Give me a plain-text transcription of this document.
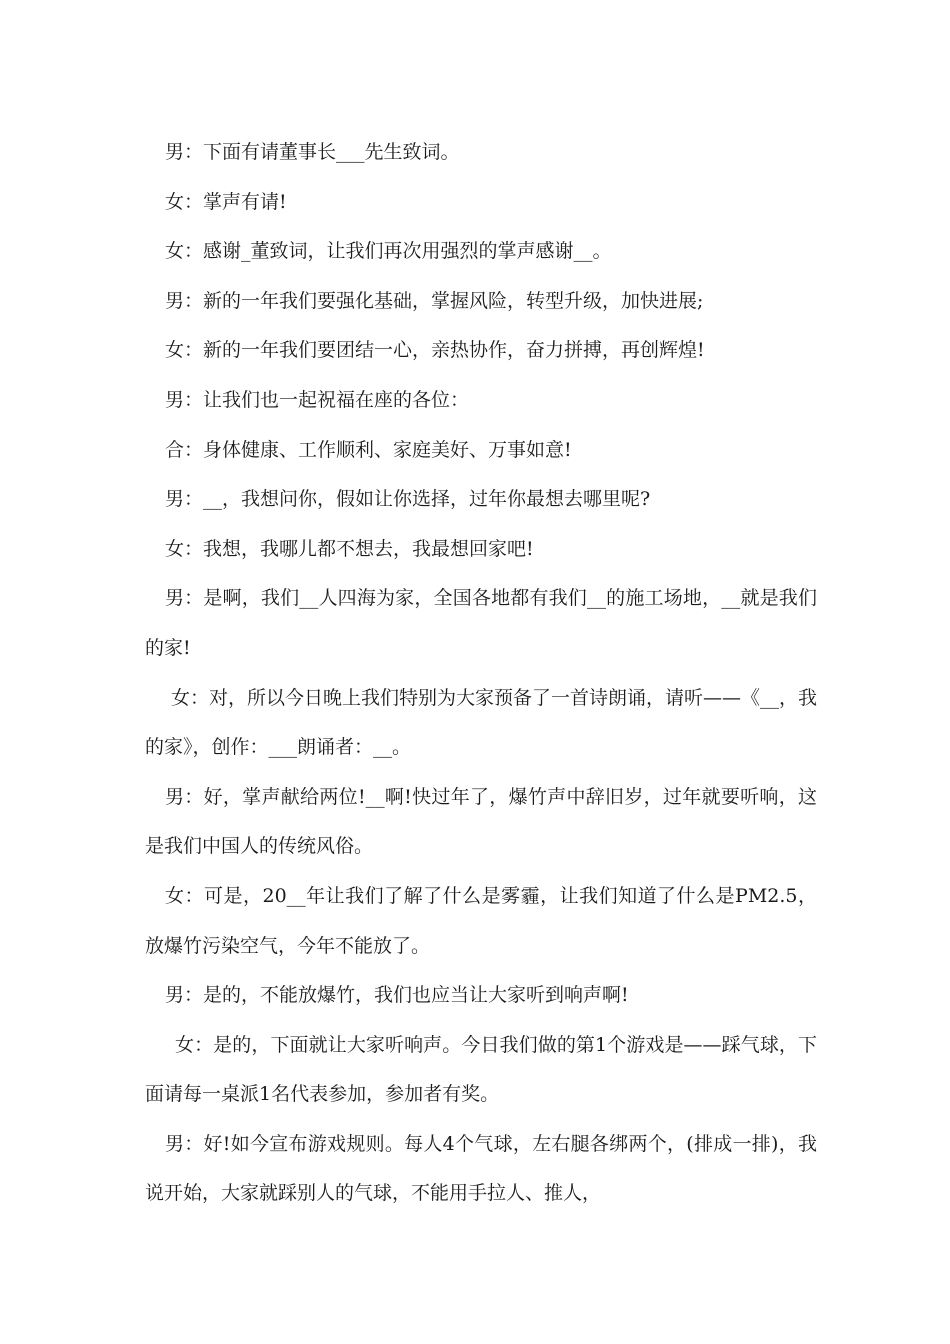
男：下面有请董事长___先生致词。

女：掌声有请!

女：感谢_董致词，让我们再次用强烈的掌声感谢__。

男：新的一年我们要强化基础，掌握风险，转型升级，加快进展;

女：新的一年我们要团结一心，亲热协作，奋力拼搏，再创辉煌!

男：让我们也一起祝福在座的各位：

合：身体健康、工作顺利、家庭美好、万事如意!

男：__，我想问你，假如让你选择，过年你最想去哪里呢?

女：我想，我哪儿都不想去，我最想回家吧!

男：是啊，我们__人四海为家，全国各地都有我们__的施工场地，__就是我们的家!

女：对，所以今日晚上我们特别为大家预备了一首诗朗诵，请听——《__，我的家》，创作：___朗诵者：__。

男：好，掌声献给两位!__啊!快过年了，爆竹声中辞旧岁，过年就要听响，这是我们中国人的传统风俗。

女：可是，20__年让我们了解了什么是雾霾，让我们知道了什么是PM2.5，放爆竹污染空气，今年不能放了。

男：是的，不能放爆竹，我们也应当让大家听到响声啊!

女：是的，下面就让大家听响声。今日我们做的第1个游戏是——踩气球，下面请每一桌派1名代表参加，参加者有奖。

男：好!如今宣布游戏规则。每人4个气球，左右腿各绑两个，(排成一排)，我说开始，大家就踩别人的气球，不能用手拉人、推人，
